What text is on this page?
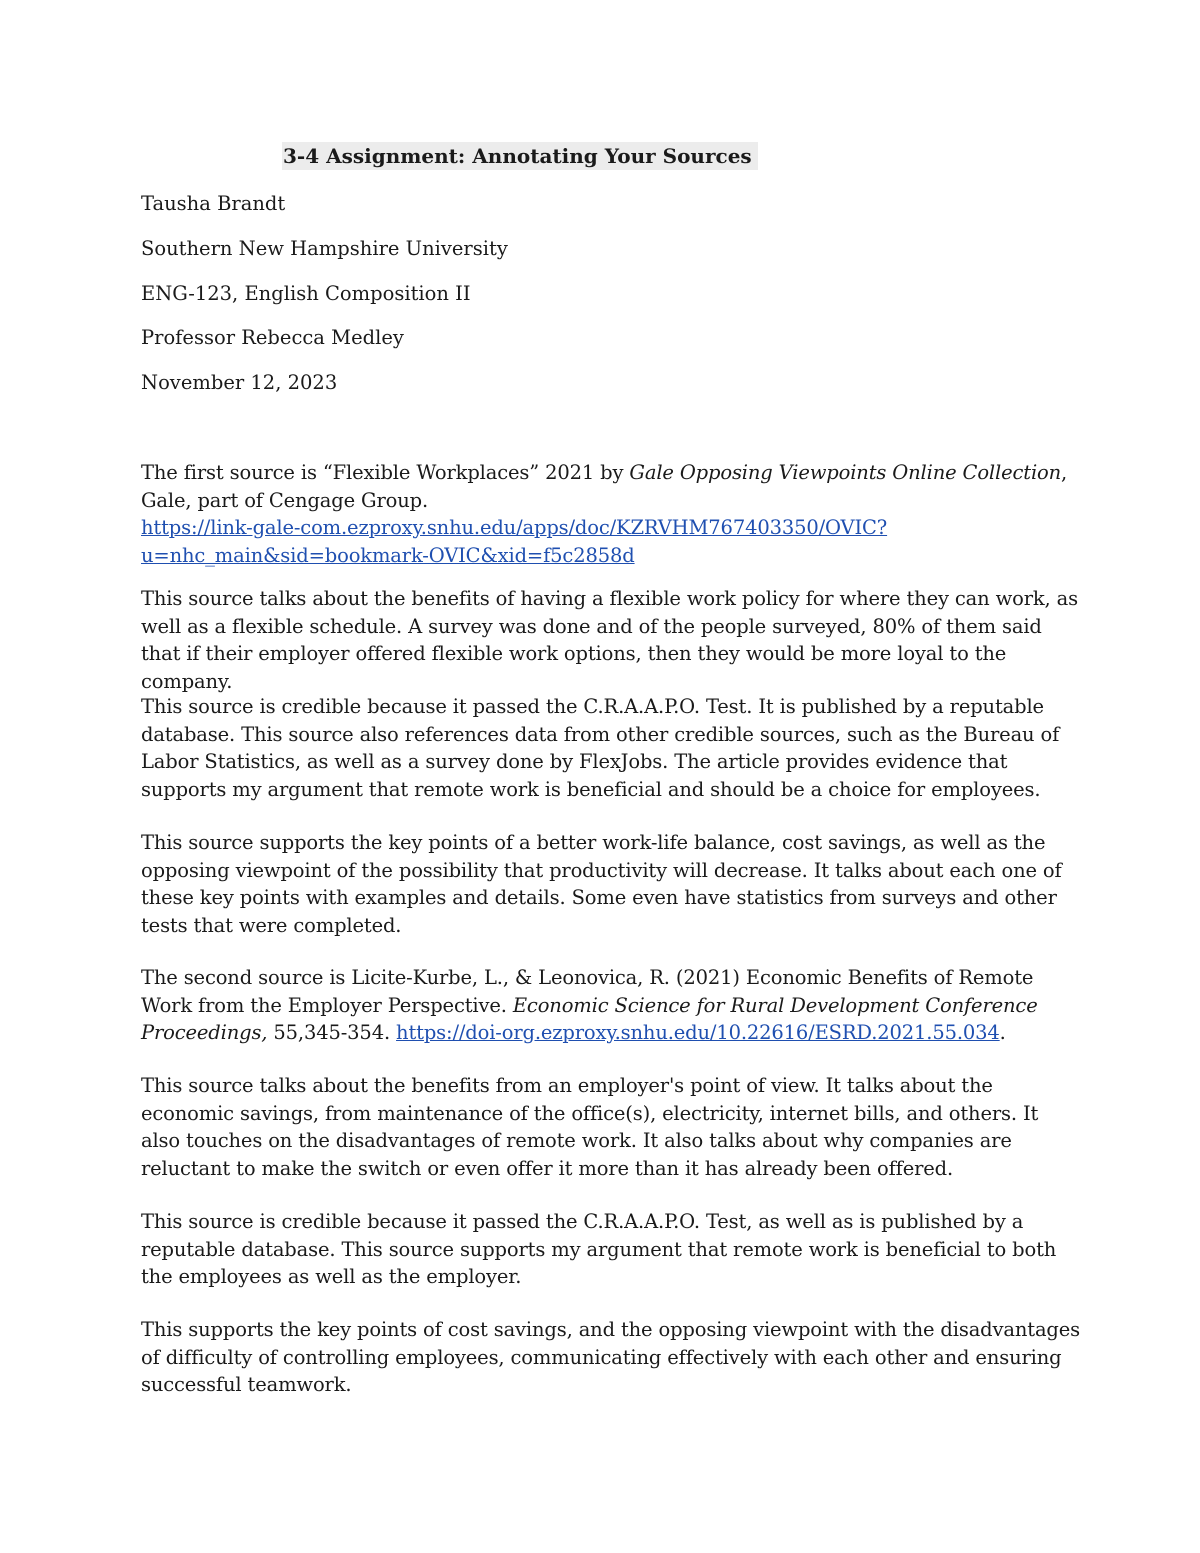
3-4 Assignment: Annotating Your Sources
Tausha Brandt
Southern New Hampshire University
ENG-123, English Composition II
Professor Rebecca Medley
November 12, 2023
The first source is “Flexible Workplaces” 2021 by Gale Opposing Viewpoints Online Collection, Gale, part of Cengage Group.
https://link-gale-com.ezproxy.snhu.edu/apps/doc/KZRVHM767403350/OVIC?
u=nhc_main&sid=bookmark-OVIC&xid=f5c2858d
This source talks about the benefits of having a flexible work policy for where they can work, as well as a flexible schedule. A survey was done and of the people surveyed, 80% of them said that if their employer offered flexible work options, then they would be more loyal to the company.
This source is credible because it passed the C.R.A.A.P.O. Test. It is published by a reputable database. This source also references data from other credible sources, such as the Bureau of Labor Statistics, as well as a survey done by FlexJobs. The article provides evidence that supports my argument that remote work is beneficial and should be a choice for employees.
This source supports the key points of a better work-life balance, cost savings, as well as the opposing viewpoint of the possibility that productivity will decrease. It talks about each one of these key points with examples and details. Some even have statistics from surveys and other tests that were completed.
The second source is Licite-Kurbe, L., & Leonovica, R. (2021) Economic Benefits of Remote Work from the Employer Perspective. Economic Science for Rural Development Conference Proceedings, 55,345-354. https://doi-org.ezproxy.snhu.edu/10.22616/ESRD.2021.55.034.
This source talks about the benefits from an employer's point of view. It talks about the economic savings, from maintenance of the office(s), electricity, internet bills, and others. It also touches on the disadvantages of remote work. It also talks about why companies are reluctant to make the switch or even offer it more than it has already been offered.
This source is credible because it passed the C.R.A.A.P.O. Test, as well as is published by a reputable database. This source supports my argument that remote work is beneficial to both the employees as well as the employer.
This supports the key points of cost savings, and the opposing viewpoint with the disadvantages of difficulty of controlling employees, communicating effectively with each other and ensuring successful teamwork.
